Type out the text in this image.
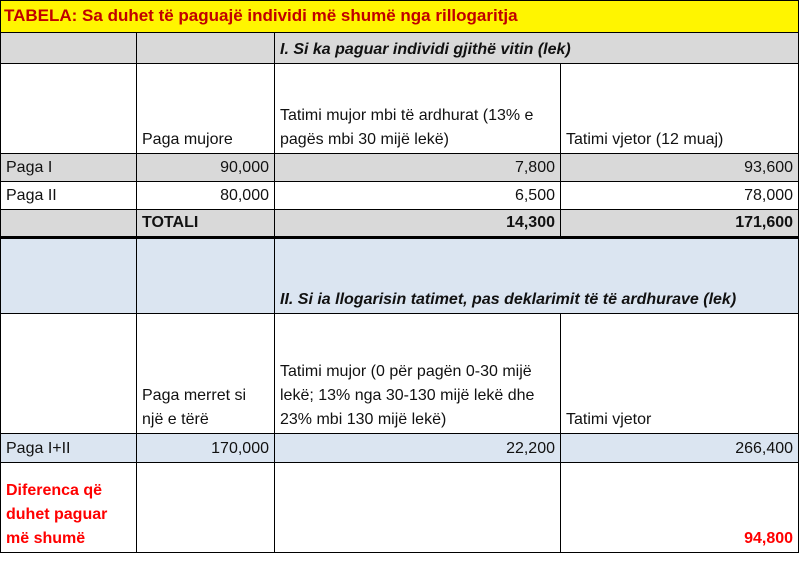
TABELA: Sa duhet të paguajë individi më shumë nga rillogaritja			
		I. Si ka paguar individi gjithë vitin (lek)	
	Paga mujore	Tatimi mujor mbi të ardhurat (13% e pagës mbi 30 mijë lekë)	Tatimi vjetor (12 muaj)
Paga I	90,000	7,800	93,600
Paga II	80,000	6,500	78,000
	TOTALI	14,300	171,600
		II. Si ia llogarisin tatimet, pas deklarimit të të ardhurave (lek)	
	Paga merret si një e tërë	Tatimi mujor (0 për pagën 0-30 mijë lekë; 13% nga 30-130 mijë lekë dhe 23% mbi 130 mijë lekë)	Tatimi vjetor
Paga I+II	170,000	22,200	266,400
Diferenca që duhet paguar më shumë			94,800
